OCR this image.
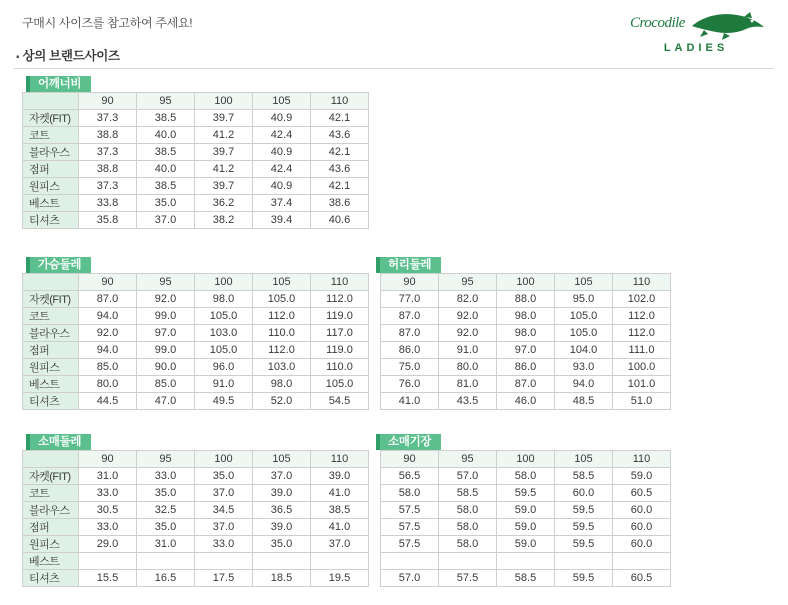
구매시 사이즈를 참고하여 주세요!	Crocodile
LADIES
▪ 상의 브랜드사이즈
어깨너비
	90	95	100	105	110
자켓(FIT)	37.3	38.5	39.7	40.9	42.1
코트	38.8	40.0	41.2	42.4	43.6
블라우스	37.3	38.5	39.7	40.9	42.1
점퍼	38.8	40.0	41.2	42.4	43.6
원피스	37.3	38.5	39.7	40.9	42.1
베스트	33.8	35.0	36.2	37.4	38.6
티셔츠	35.8	37.0	38.2	39.4	40.6
가슴둘레
	90	95	100	105	110
자켓(FIT)	87.0	92.0	98.0	105.0	112.0
코트	94.0	99.0	105.0	112.0	119.0
블라우스	92.0	97.0	103.0	110.0	117.0
점퍼	94.0	99.0	105.0	112.0	119.0
원피스	85.0	90.0	96.0	103.0	110.0
베스트	80.0	85.0	91.0	98.0	105.0
티셔츠	44.5	47.0	49.5	52.0	54.5
허리둘레
90	95	100	105	110
77.0	82.0	88.0	95.0	102.0
87.0	92.0	98.0	105.0	112.0
87.0	92.0	98.0	105.0	112.0
86.0	91.0	97.0	104.0	111.0
75.0	80.0	86.0	93.0	100.0
76.0	81.0	87.0	94.0	101.0
41.0	43.5	46.0	48.5	51.0
소매둘레
	90	95	100	105	110
자켓(FIT)	31.0	33.0	35.0	37.0	39.0
코트	33.0	35.0	37.0	39.0	41.0
블라우스	30.5	32.5	34.5	36.5	38.5
점퍼	33.0	35.0	37.0	39.0	41.0
원피스	29.0	31.0	33.0	35.0	37.0
베스트					
티셔츠	15.5	16.5	17.5	18.5	19.5
소매기장
90	95	100	105	110
56.5	57.0	58.0	58.5	59.0
58.0	58.5	59.5	60.0	60.5
57.5	58.0	59.0	59.5	60.0
57.5	58.0	59.0	59.5	60.0
57.5	58.0	59.0	59.5	60.0

57.0	57.5	58.5	59.5	60.5
